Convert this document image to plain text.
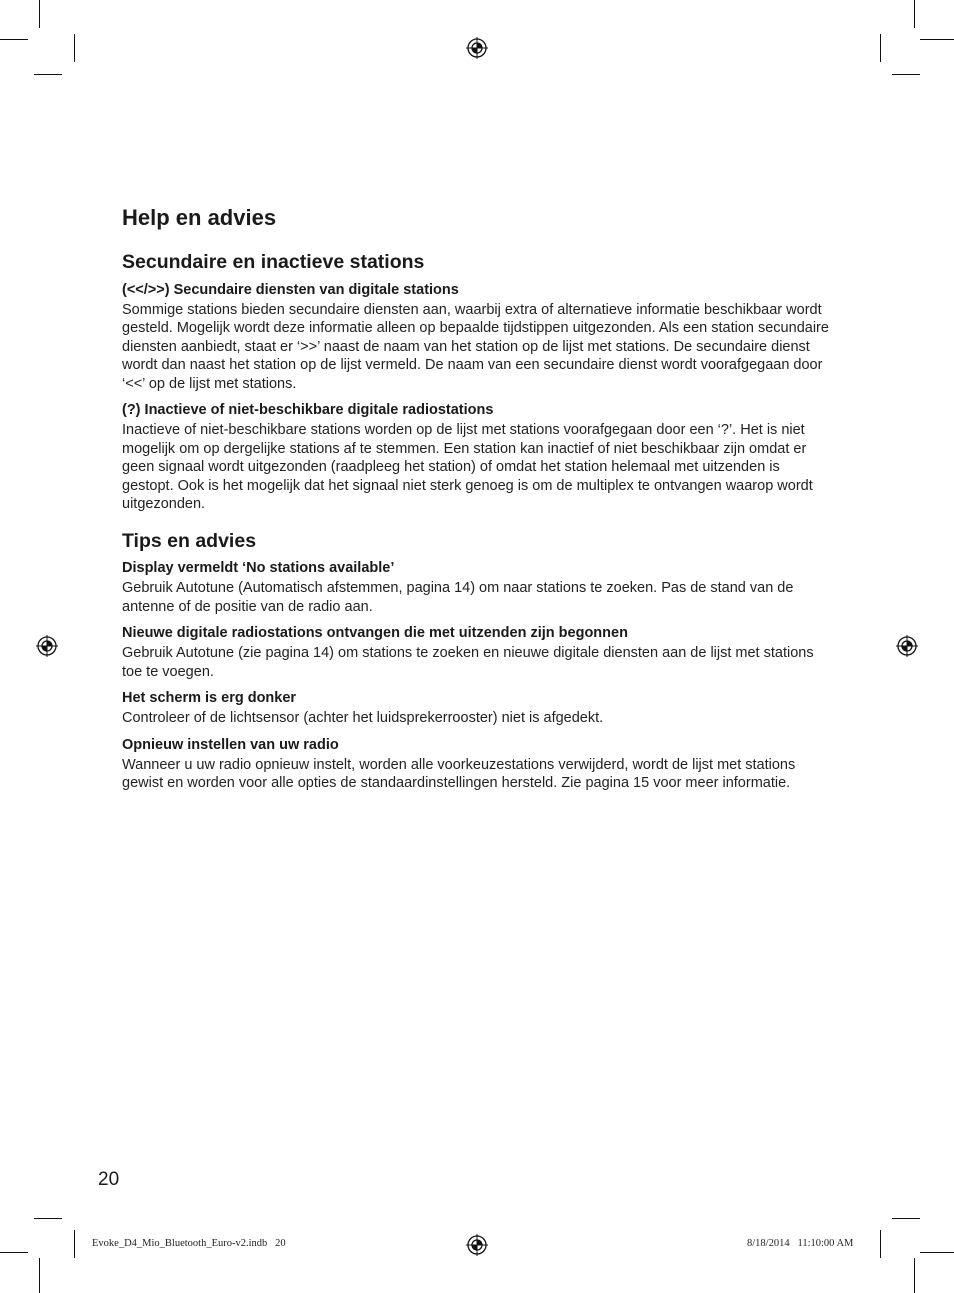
Help en advies
Secundaire en inactieve stations

(<</>>) Secundaire diensten van digitale stations

Sommige stations bieden secundaire diensten aan, waarbij extra of alternatieve informatie beschikbaar wordt gesteld. Mogelijk wordt deze informatie alleen op bepaalde tijdstippen uitgezonden. Als een station secundaire diensten aanbiedt, staat er ‘>>’ naast de naam van het station op de lijst met stations. De secundaire dienst wordt dan naast het station op de lijst vermeld. De naam van een secundaire dienst wordt voorafgegaan door ‘<<’ op de lijst met stations.

(?) Inactieve of niet-beschikbare digitale radiostations

Inactieve of niet-beschikbare stations worden op de lijst met stations voorafgegaan door een ‘?’. Het is niet mogelijk om op dergelijke stations af te stemmen. Een station kan inactief of niet beschikbaar zijn omdat er geen signaal wordt uitgezonden (raadpleeg het station) of omdat het station helemaal met uitzenden is gestopt. Ook is het mogelijk dat het signaal niet sterk genoeg is om de multiplex te ontvangen waarop wordt uitgezonden.

Tips en advies

Display vermeldt ‘No stations available’

Gebruik Autotune (Automatisch afstemmen, pagina 14) om naar stations te zoeken. Pas de stand van de antenne of de positie van de radio aan.

Nieuwe digitale radiostations ontvangen die met uitzenden zijn begonnen

Gebruik Autotune (zie pagina 14) om stations te zoeken en nieuwe digitale diensten aan de lijst met stations toe te voegen.

Het scherm is erg donker

Controleer of de lichtsensor (achter het luidsprekerrooster) niet is afgedekt.

Opnieuw instellen van uw radio

Wanneer u uw radio opnieuw instelt, worden alle voorkeuzestations verwijderd, wordt de lijst met stations gewist en worden voor alle opties de standaardinstellingen hersteld. Zie pagina 15 voor meer informatie.

20
Evoke_D4_Mio_Bluetooth_Euro-v2.indb   20	8/18/2014   11:10:00 AM
